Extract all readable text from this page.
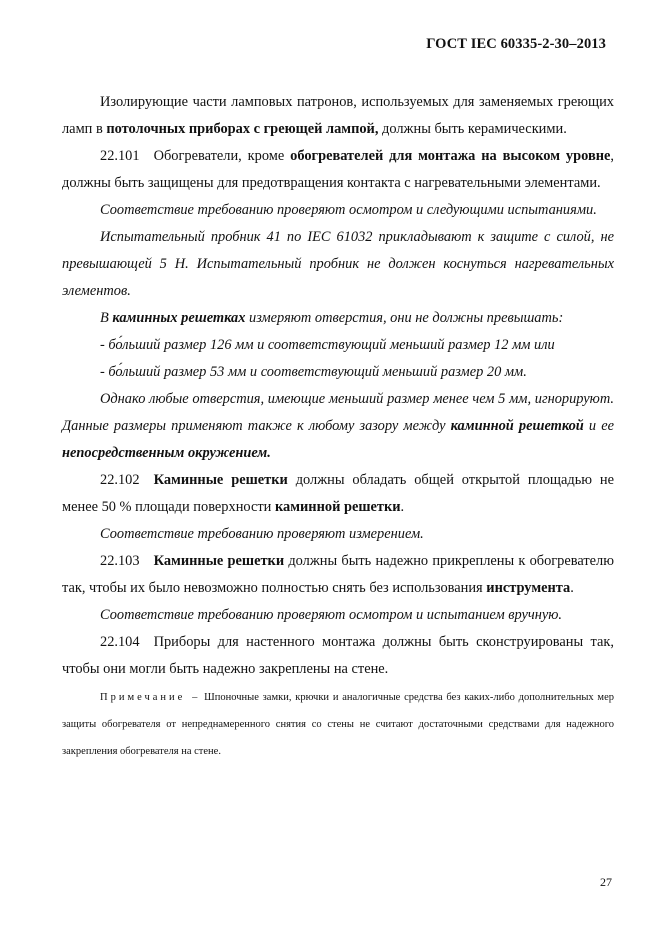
ГОСТ IEC 60335-2-30–2013

Изолирующие части ламповых патронов, используемых для заменяемых греющих ламп в потолочных приборах с греющей лампой, должны быть керамическими.

22.101 Обогреватели, кроме обогревателей для монтажа на высоком уровне, должны быть защищены для предотвращения контакта с нагревательными элементами.

Соответствие требованию проверяют осмотром и следующими испытаниями.

Испытательный пробник 41 по IEC 61032 прикладывают к защите с силой, не превышающей 5 Н. Испытательный пробник не должен коснуться нагревательных элементов.

В каминных решетках измеряют отверстия, они не должны превышать:

- бо́льший размер 126 мм и соответствующий меньший размер 12 мм или

- бо́льший размер 53 мм и соответствующий меньший размер 20 мм.

Однако любые отверстия, имеющие меньший размер менее чем 5 мм, игнорируют. Данные размеры применяют также к любому зазору между каминной решеткой и ее непосредственным окружением.

22.102 Каминные решетки должны обладать общей открытой площадью не менее 50 % площади поверхности каминной решетки.

Соответствие требованию проверяют измерением.

22.103 Каминные решетки должны быть надежно прикреплены к обогревателю так, чтобы их было невозможно полностью снять без использования инструмента.

Соответствие требованию проверяют осмотром и испытанием вручную.

22.104 Приборы для настенного монтажа должны быть сконструированы так, чтобы они могли быть надежно закреплены на стене.

Примечание – Шпоночные замки, крючки и аналогичные средства без каких-либо дополнительных мер защиты обогревателя от непреднамеренного снятия со стены не считают достаточными средствами для надежного закрепления обогревателя на стене.

27
